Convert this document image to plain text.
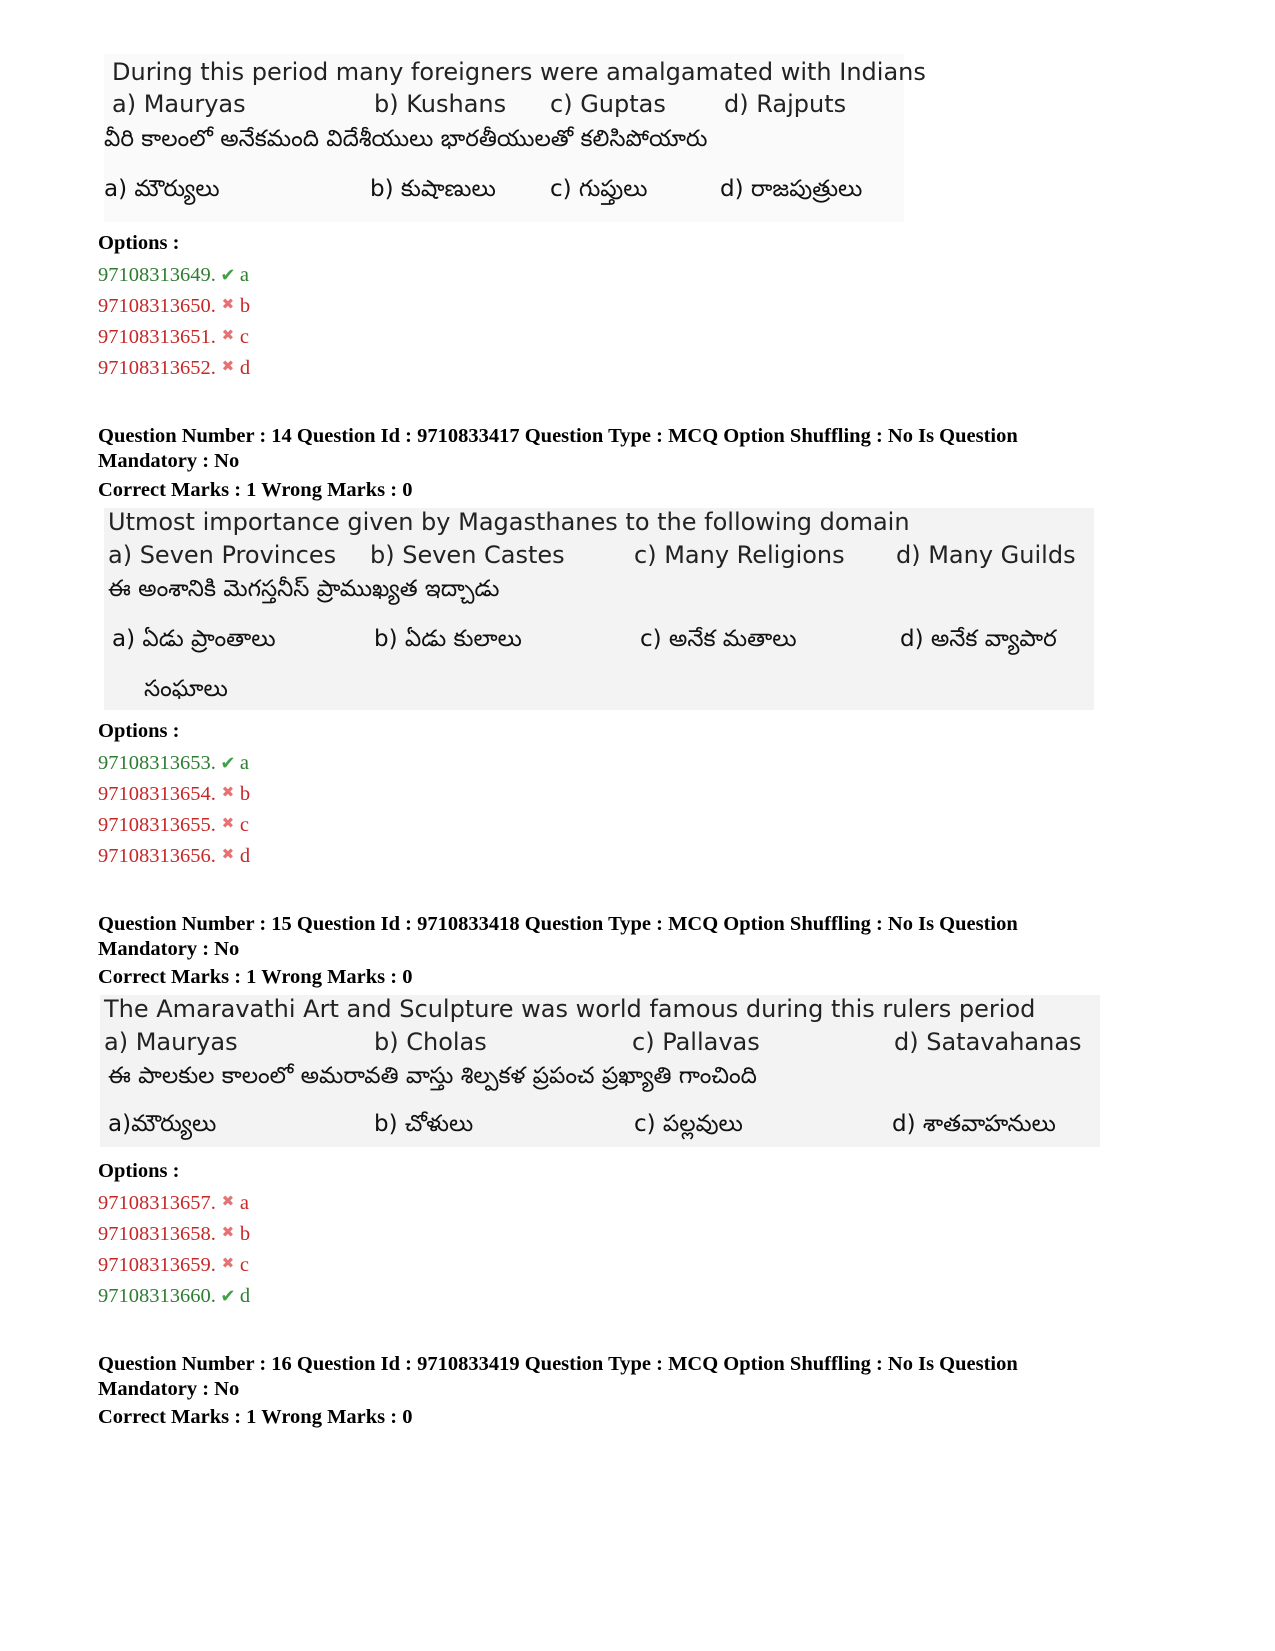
During this period many foreigners were amalgamated with Indians
a) Mauryas	b) Kushans c) Guptas d) Rajputs
వీరి కాలంలో అనేకమంది విదేశీయులు భారతీయులతో కలిసిపోయారు
a) మౌర్యులు	b) కుషాణులు c) గుప్తులు	d) రాజపుత్రులు
Options :
97108313649. ✔ a
97108313650. ✖ b
97108313651. ✖ c
97108313652. ✖ d
Question Number : 14 Question Id : 9710833417 Question Type : MCQ Option Shuffling : No Is Question
Mandatory : No
Correct Marks : 1 Wrong Marks : 0
Utmost importance given by Magasthanes to the following domain
a) Seven Provinces b) Seven Castes	c) Many Religions d) Many Guilds
ఈ అంశానికి మెగస్తనీస్ ప్రాముఖ్యత ఇద్చాడు
a) ఏడు ప్రాంతాలు	b) ఏడు కులాలు	c) అనేక మతాలు	d) అనేక వ్యాపార
సంఘాలు
Options :
97108313653. ✔ a
97108313654. ✖ b
97108313655. ✖ c
97108313656. ✖ d
Question Number : 15 Question Id : 9710833418 Question Type : MCQ Option Shuffling : No Is Question
Mandatory : No
Correct Marks : 1 Wrong Marks : 0
The Amaravathi Art and Sculpture was world famous during this rulers period
a) Mauryas	b) Cholas	c) Pallavas	d) Satavahanas
ఈ పాలకుల కాలంలో అమరావతి వాస్తు శిల్పకళ ప్రపంచ ప్రఖ్యాతి గాంచింది
a)మౌర్యులు	b) చోళులు	c) పల్లవులు	d) శాతవాహనులు
Options :
97108313657. ✖ a
97108313658. ✖ b
97108313659. ✖ c
97108313660. ✔ d
Question Number : 16 Question Id : 9710833419 Question Type : MCQ Option Shuffling : No Is Question
Mandatory : No
Correct Marks : 1 Wrong Marks : 0
